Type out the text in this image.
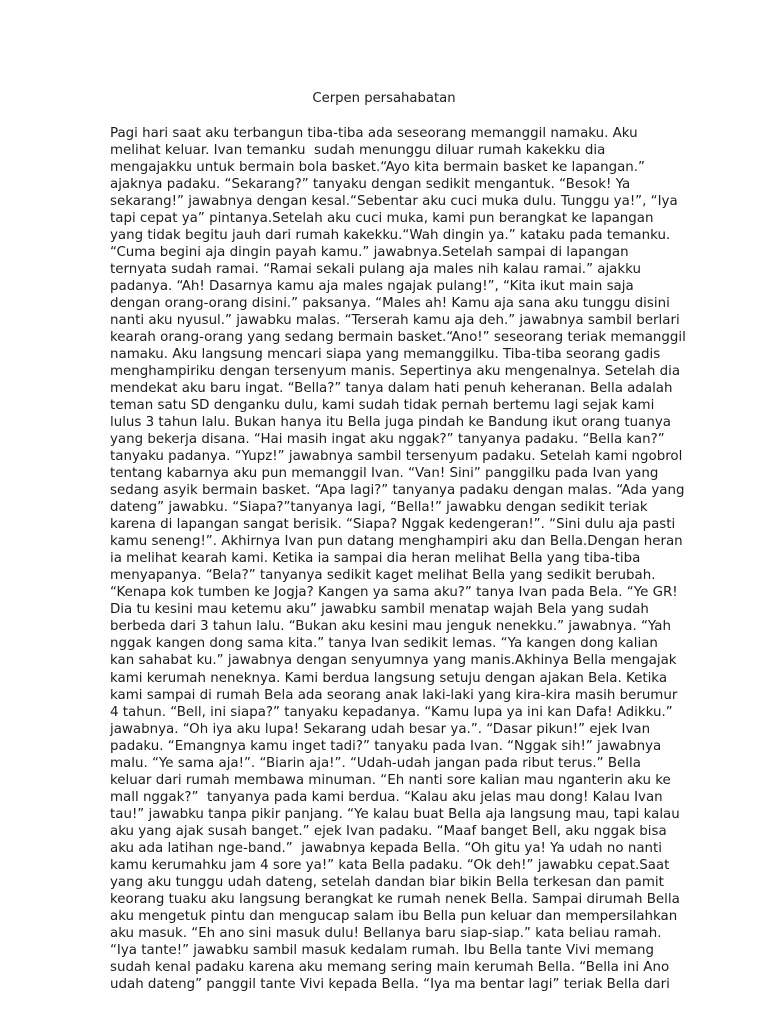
Cerpen persahabatan
Pagi hari saat aku terbangun tiba-tiba ada seseorang memanggil namaku. Aku
melihat keluar. Ivan temanku  sudah menunggu diluar rumah kakekku dia
mengajakku untuk bermain bola basket.“Ayo kita bermain basket ke lapangan.”
ajaknya padaku. “Sekarang?” tanyaku dengan sedikit mengantuk. “Besok! Ya
sekarang!” jawabnya dengan kesal.“Sebentar aku cuci muka dulu. Tunggu ya!”, “Iya
tapi cepat ya” pintanya.Setelah aku cuci muka, kami pun berangkat ke lapangan
yang tidak begitu jauh dari rumah kakekku.“Wah dingin ya.” kataku pada temanku.
“Cuma begini aja dingin payah kamu.” jawabnya.Setelah sampai di lapangan
ternyata sudah ramai. “Ramai sekali pulang aja males nih kalau ramai.” ajakku
padanya. “Ah! Dasarnya kamu aja males ngajak pulang!”, “Kita ikut main saja
dengan orang-orang disini.” paksanya. “Males ah! Kamu aja sana aku tunggu disini
nanti aku nyusul.” jawabku malas. “Terserah kamu aja deh.” jawabnya sambil berlari
kearah orang-orang yang sedang bermain basket.“Ano!” seseorang teriak memanggil
namaku. Aku langsung mencari siapa yang memanggilku. Tiba-tiba seorang gadis
menghampiriku dengan tersenyum manis. Sepertinya aku mengenalnya. Setelah dia
mendekat aku baru ingat. “Bella?” tanya dalam hati penuh keheranan. Bella adalah
teman satu SD denganku dulu, kami sudah tidak pernah bertemu lagi sejak kami
lulus 3 tahun lalu. Bukan hanya itu Bella juga pindah ke Bandung ikut orang tuanya
yang bekerja disana. “Hai masih ingat aku nggak?” tanyanya padaku. “Bella kan?”
tanyaku padanya. “Yupz!” jawabnya sambil tersenyum padaku. Setelah kami ngobrol
tentang kabarnya aku pun memanggil Ivan. “Van! Sini” panggilku pada Ivan yang
sedang asyik bermain basket. “Apa lagi?” tanyanya padaku dengan malas. “Ada yang
dateng” jawabku. “Siapa?”tanyanya lagi, “Bella!” jawabku dengan sedikit teriak
karena di lapangan sangat berisik. “Siapa? Nggak kedengeran!”. “Sini dulu aja pasti
kamu seneng!”. Akhirnya Ivan pun datang menghampiri aku dan Bella.Dengan heran
ia melihat kearah kami. Ketika ia sampai dia heran melihat Bella yang tiba-tiba
menyapanya. “Bela?” tanyanya sedikit kaget melihat Bella yang sedikit berubah.
“Kenapa kok tumben ke Jogja? Kangen ya sama aku?” tanya Ivan pada Bela. “Ye GR!
Dia tu kesini mau ketemu aku” jawabku sambil menatap wajah Bela yang sudah
berbeda dari 3 tahun lalu. “Bukan aku kesini mau jenguk nenekku.” jawabnya. “Yah
nggak kangen dong sama kita.” tanya Ivan sedikit lemas. “Ya kangen dong kalian
kan sahabat ku.” jawabnya dengan senyumnya yang manis.Akhinya Bella mengajak
kami kerumah neneknya. Kami berdua langsung setuju dengan ajakan Bela. Ketika
kami sampai di rumah Bela ada seorang anak laki-laki yang kira-kira masih berumur
4 tahun. “Bell, ini siapa?” tanyaku kepadanya. “Kamu lupa ya ini kan Dafa! Adikku.”
jawabnya. “Oh iya aku lupa! Sekarang udah besar ya.”. “Dasar pikun!” ejek Ivan
padaku. “Emangnya kamu inget tadi?” tanyaku pada Ivan. “Nggak sih!” jawabnya
malu. “Ye sama aja!”. “Biarin aja!”. “Udah-udah jangan pada ribut terus.” Bella
keluar dari rumah membawa minuman. “Eh nanti sore kalian mau nganterin aku ke
mall nggak?”  tanyanya pada kami berdua. “Kalau aku jelas mau dong! Kalau Ivan
tau!” jawabku tanpa pikir panjang. “Ye kalau buat Bella aja langsung mau, tapi kalau
aku yang ajak susah banget.” ejek Ivan padaku. “Maaf banget Bell, aku nggak bisa
aku ada latihan nge-band.”  jawabnya kepada Bella. “Oh gitu ya! Ya udah no nanti
kamu kerumahku jam 4 sore ya!” kata Bella padaku. “Ok deh!” jawabku cepat.Saat
yang aku tunggu udah dateng, setelah dandan biar bikin Bella terkesan dan pamit
keorang tuaku aku langsung berangkat ke rumah nenek Bella. Sampai dirumah Bella
aku mengetuk pintu dan mengucap salam ibu Bella pun keluar dan mempersilahkan
aku masuk. “Eh ano sini masuk dulu! Bellanya baru siap-siap.” kata beliau ramah.
“Iya tante!” jawabku sambil masuk kedalam rumah. Ibu Bella tante Vivi memang
sudah kenal padaku karena aku memang sering main kerumah Bella. “Bella ini Ano
udah dateng” panggil tante Vivi kepada Bella. “Iya ma bentar lagi” teriak Bella dari
